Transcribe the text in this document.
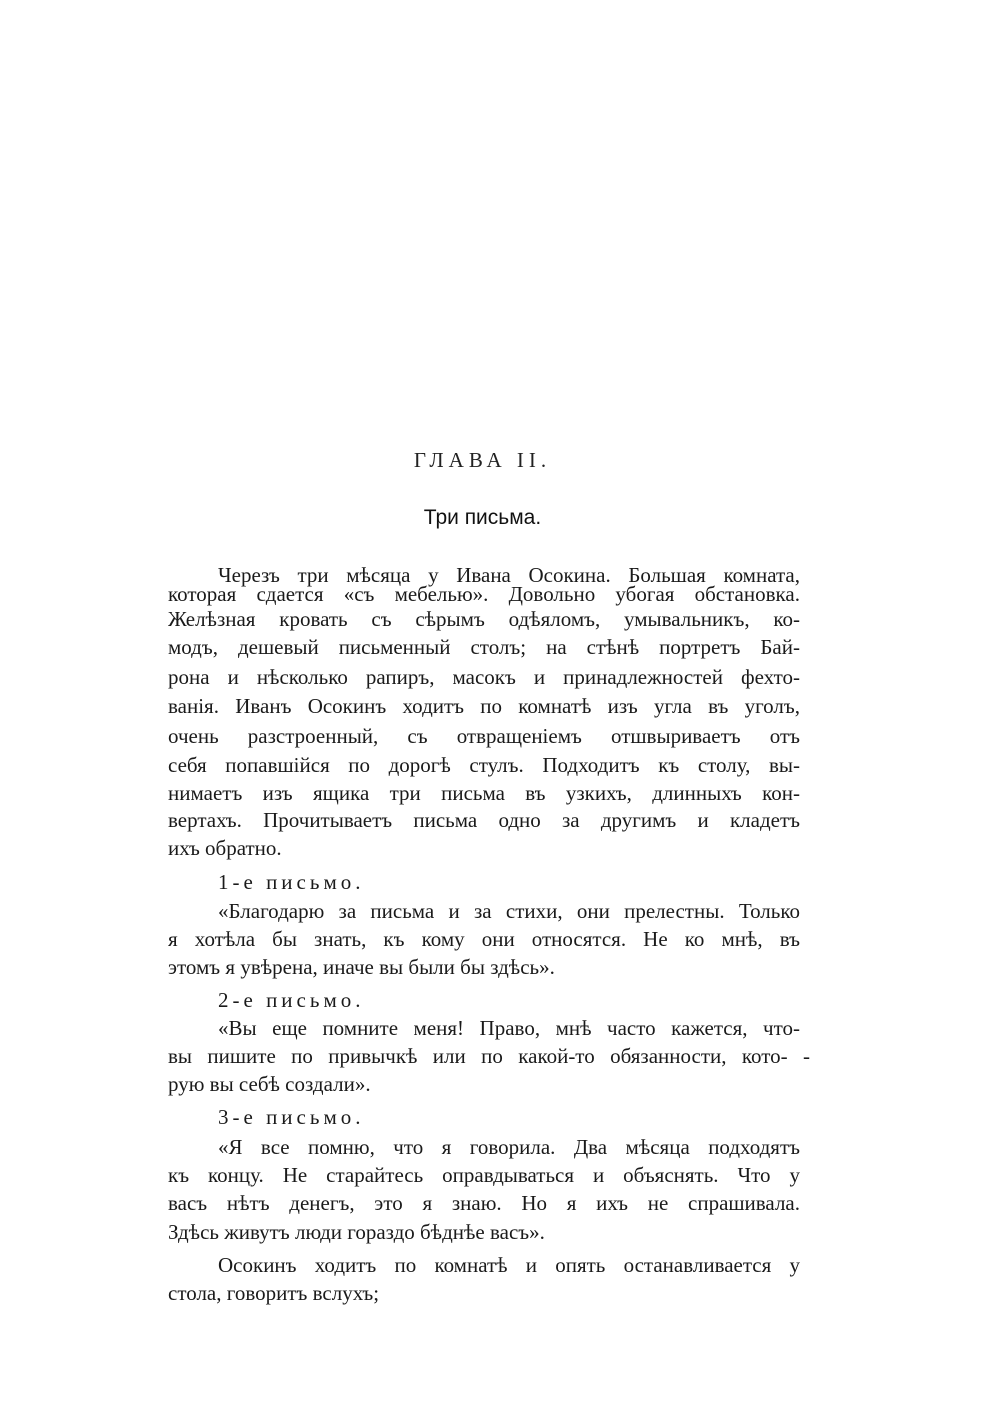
ГЛАВА II.
Три письма.
Черезъ три мѣсяца у Ивана Осокина. Большая комната,
которая сдается «съ мебелью». Довольно убогая обстановка.
Желѣзная кровать съ сѣрымъ одѣяломъ, умывальникъ, ко-
модъ, дешевый письменный столъ; на стѣнѣ портретъ Бай-
рона и нѣсколько рапиръ, масокъ и принадлежностей фехто-
ванія. Иванъ Осокинъ ходитъ по комнатѣ изъ угла въ уголъ,
очень разстроенный, съ отвращеніемъ отшвыриваетъ отъ
себя попавшійся по дорогѣ стулъ. Подходитъ къ столу, вы-
нимаетъ изъ ящика три письма въ узкихъ, длинныхъ кон-
вертахъ. Прочитываетъ письма одно за другимъ и кладетъ
ихъ обратно.
1-е письмо.
«Благодарю за письма и за стихи, они прелестны. Только
я хотѣла бы знать, къ кому они относятся. Не ко мнѣ, въ
этомъ я увѣрена, иначе вы были бы здѣсь».
2-е письмо.
«Вы еще помните меня! Право, мнѣ часто кажется, что-
вы пишите по привычкѣ или по какой-то обязанности, кото- -
рую вы себѣ создали».
3-е письмо.
«Я все помню, что я говорила. Два мѣсяца подходятъ
къ концу. Не старайтесь оправдываться и объяснять. Что у
васъ нѣтъ денегъ, это я знаю. Но я ихъ не спрашивала.
Здѣсь живутъ люди гораздо бѣднѣе васъ».
Осокинъ ходитъ по комнатѣ и опять останавливается у
стола, говоритъ вслухъ;
